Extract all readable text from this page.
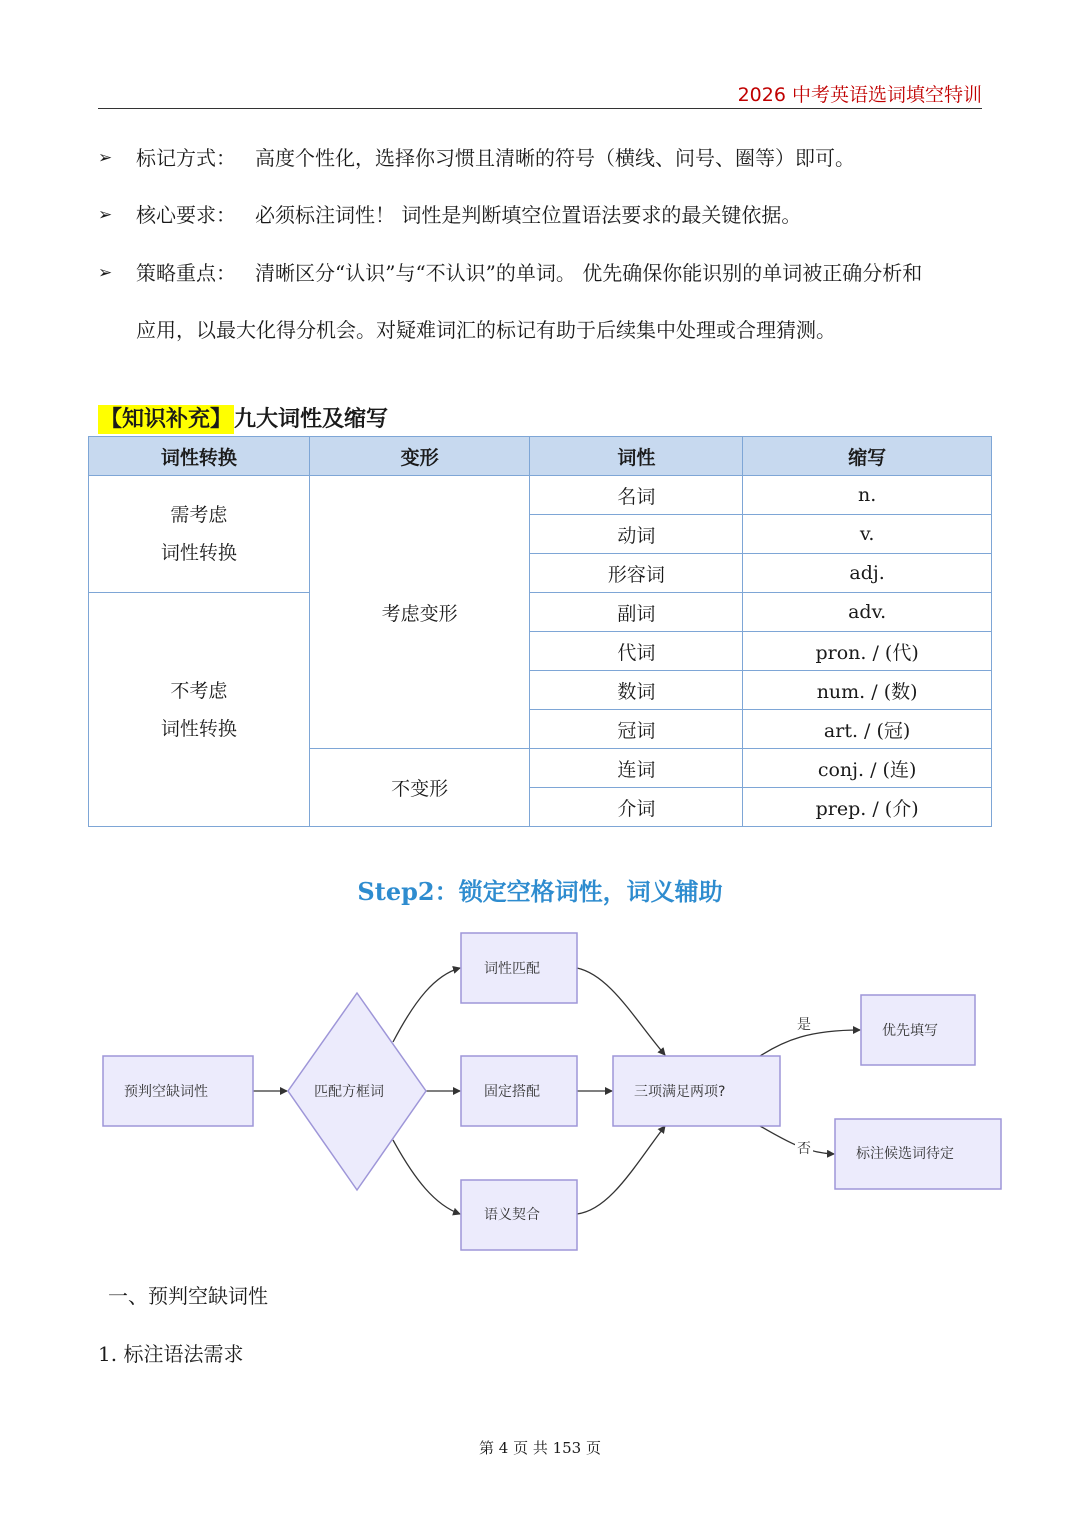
2026 中考英语选词填空特训
➢ 标记方式： 高度个性化，选择你习惯且清晰的符号（横线、问号、圈等）即可。
➢ 核心要求： 必须标注词性！ 词性是判断填空位置语法要求的最关键依据。
➢ 策略重点： 清晰区分“认识”与“不认识”的单词。 优先确保你能识别的单词被正确分析和
应用，以最大化得分机会。对疑难词汇的标记有助于后续集中处理或合理猜测。
【知识补充】九大词性及缩写
词性转换	变形	词性	缩写

需考虑
词性转换	考虑变形	名词	n.
		动词	v.
		形容词	adj.

不考虑
词性转换		副词	adv.
		代词	pron. / (代)
		数词	num. / (数)
		冠词	art. / (冠)
	不变形	连词	conj. / (连)
		介词	prep. / (介)
Step2：锁定空格词性，词义辅助
预判空缺词性	匹配方框词
词性匹配
固定搭配
语义契合
三项满足两项?
优先填写
标注候选词待定
是
否
一、预判空缺词性
1. 标注语法需求
第 4 页 共 153 页
